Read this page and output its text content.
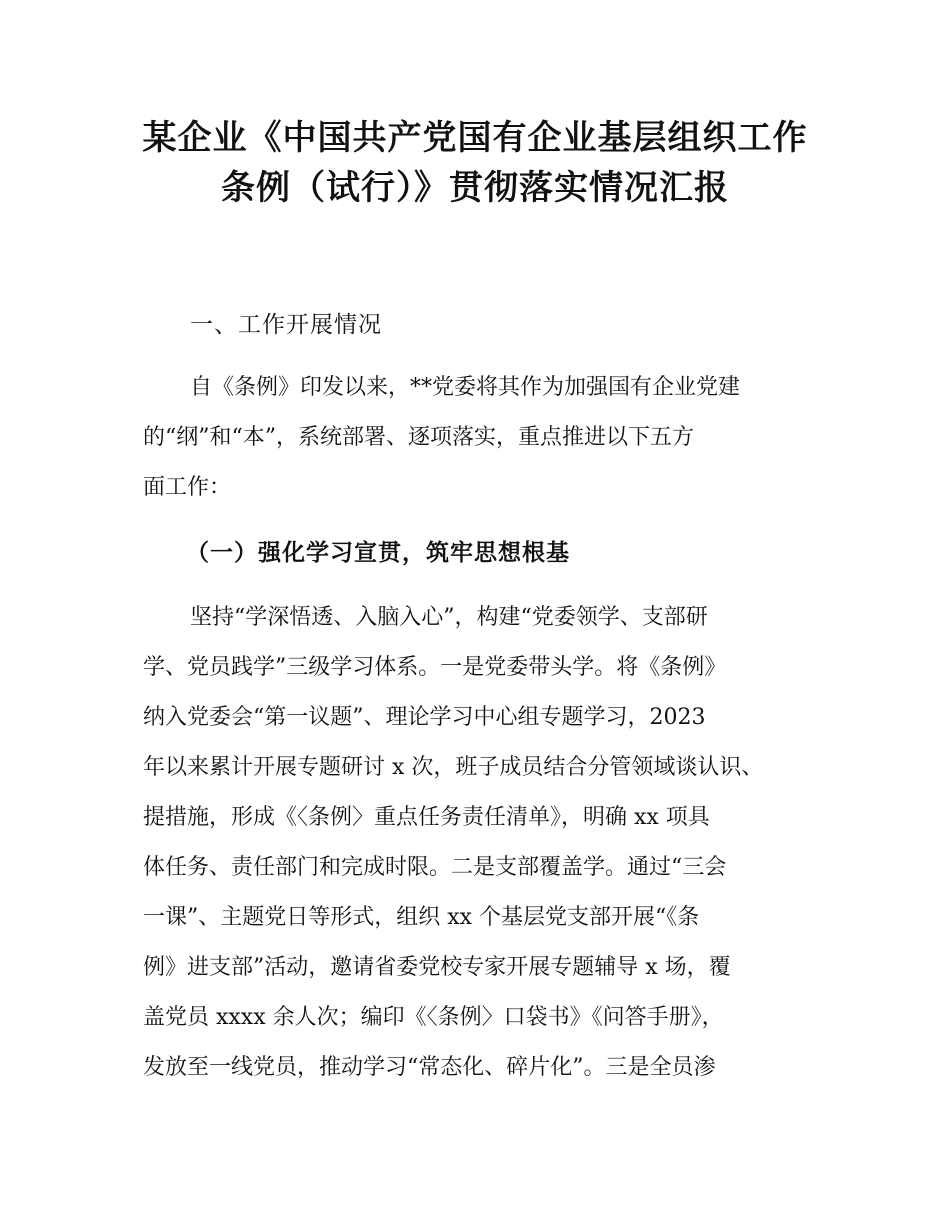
某企业《中国共产党国有企业基层组织工作
条例（试行）》贯彻落实情况汇报
一、工作开展情况
自《条例》印发以来，**党委将其作为加强国有企业党建
的“纲”和“本”，系统部署、逐项落实，重点推进以下五方
面工作：
（一）强化学习宣贯，筑牢思想根基
坚持“学深悟透、入脑入心”，构建“党委领学、支部研
学、党员践学”三级学习体系。一是党委带头学。将《条例》
纳入党委会“第一议题”、理论学习中心组专题学习，2023
年以来累计开展专题研讨 x 次，班子成员结合分管领域谈认识、
提措施，形成《〈条例〉重点任务责任清单》，明确 xx 项具
体任务、责任部门和完成时限。二是支部覆盖学。通过“三会
一课”、主题党日等形式，组织 xx 个基层党支部开展“《条
例》进支部”活动，邀请省委党校专家开展专题辅导 x 场，覆
盖党员 xxxx 余人次；编印《〈条例〉口袋书》《问答手册》，
发放至一线党员，推动学习“常态化、碎片化”。三是全员渗
